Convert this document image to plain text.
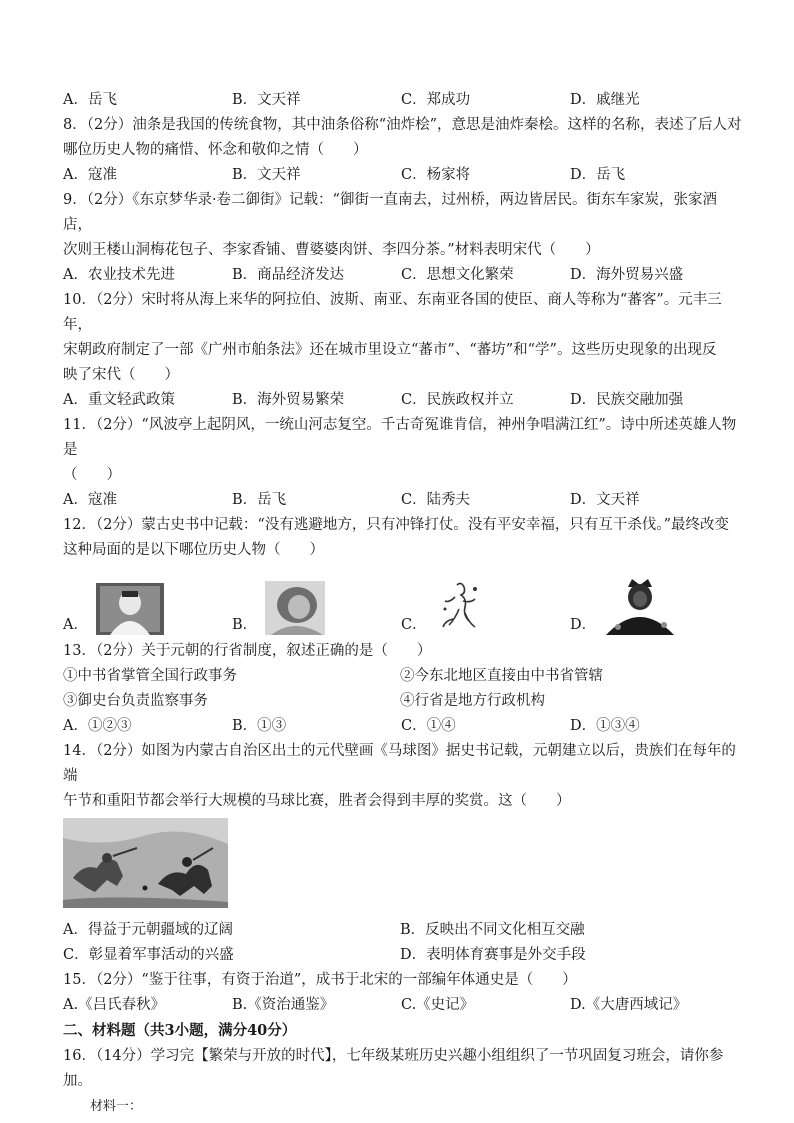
A．岳飞	B．文天祥	C．郑成功	D．戚继光

8．（2分）油条是我国的传统食物，其中油条俗称“油炸桧”，意思是油炸秦桧。这样的名称，表述了后人对

哪位历史人物的痛惜、怀念和敬仰之情（　　）

A．寇准	B．文天祥	C．杨家将	D．岳飞

9．（2分）《东京梦华录·卷二御街》记载：“御街一直南去，过州桥，两边皆居民。街东车家炭，张家酒店，

次则王楼山洞梅花包子、李家香铺、曹婆婆肉饼、李四分茶。”材料表明宋代（　　）

A．农业技术先进	B．商品经济发达	C．思想文化繁荣	D．海外贸易兴盛

10．（2分）宋时将从海上来华的阿拉伯、波斯、南亚、东南亚各国的使臣、商人等称为“蕃客”。元丰三年，

宋朝政府制定了一部《广州市舶条法》还在城市里设立“蕃市”、“蕃坊”和“学”。这些历史现象的出现反

映了宋代（　　）

A．重文轻武政策	B．海外贸易繁荣	C．民族政权并立	D．民族交融加强

11．（2分）“风波亭上起阴风，一统山河志复空。千古奇冤谁肯信，神州争唱满江红”。诗中所述英雄人物是

（　　）

A．寇准	B．岳飞	C．陆秀夫	D．文天祥

12．（2分）蒙古史书中记载：“没有逃避地方，只有冲锋打仗。没有平安幸福，只有互干杀伐。”最终改变

这种局面的是以下哪位历史人物（　　）

A．	B．	C．	D．

13．（2分）关于元朝的行省制度，叙述正确的是（　　）

①中书省掌管全国行政事务	②今东北地区直接由中书省管辖
③御史台负责监察事务	④行省是地方行政机构
A．①②③	B．①③	C．①④	D．①③④

14．（2分）如图为内蒙古自治区出土的元代壁画《马球图》据史书记载，元朝建立以后，贵族们在每年的端

午节和重阳节都会举行大规模的马球比赛，胜者会得到丰厚的奖赏。这（　　）

A．得益于元朝疆域的辽阔	B．反映出不同文化相互交融
C．彰显着军事活动的兴盛	D．表明体育赛事是外交手段

15．（2分）“鉴于往事，有资于治道”，成书于北宋的一部编年体通史是（　　）

A.《吕氏春秋》	B.《资治通鉴》	C.《史记》	D.《大唐西域记》
二、材料题（共3小题，满分40分）

16．（14分）学习完【繁荣与开放的时代】，七年级某班历史兴趣小组组织了一节巩固复习班会，请你参加。

材料一：
